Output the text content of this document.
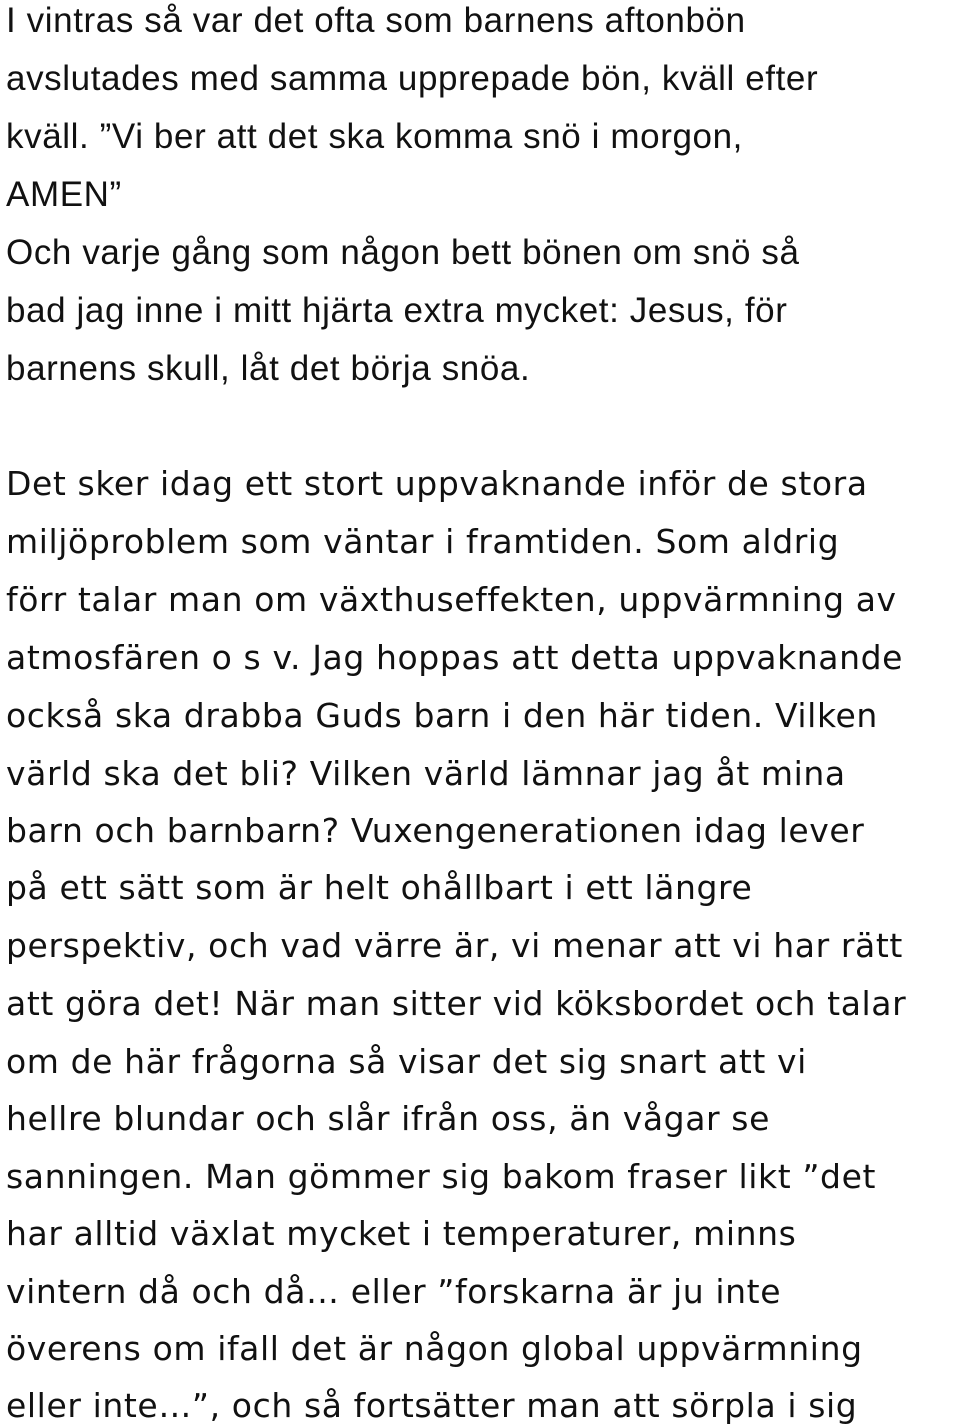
I vintras så var det ofta som barnens aftonbön
avslutades med samma upprepade bön, kväll efter
kväll. ”Vi ber att det ska komma snö i morgon,
AMEN”
Och varje gång som någon bett bönen om snö så
bad jag inne i mitt hjärta extra mycket: Jesus, för
barnens skull, låt det börja snöa.
Det sker idag ett stort uppvaknande inför de stora
miljöproblem som väntar i framtiden. Som aldrig
förr talar man om växthuseffekten, uppvärmning av
atmosfären o s v. Jag hoppas att detta uppvaknande
också ska drabba Guds barn i den här tiden. Vilken
värld ska det bli? Vilken värld lämnar jag åt mina
barn och barnbarn? Vuxengenerationen idag lever
på ett sätt som är helt ohållbart i ett längre
perspektiv, och vad värre är, vi menar att vi har rätt
att göra det! När man sitter vid köksbordet och talar
om de här frågorna så visar det sig snart att vi
hellre blundar och slår ifrån oss, än vågar se
sanningen. Man gömmer sig bakom fraser likt ”det
har alltid växlat mycket i temperaturer, minns
vintern då och då… eller ”forskarna är ju inte
överens om ifall det är någon global uppvärmning
eller inte…”, och så fortsätter man att sörpla i sig
